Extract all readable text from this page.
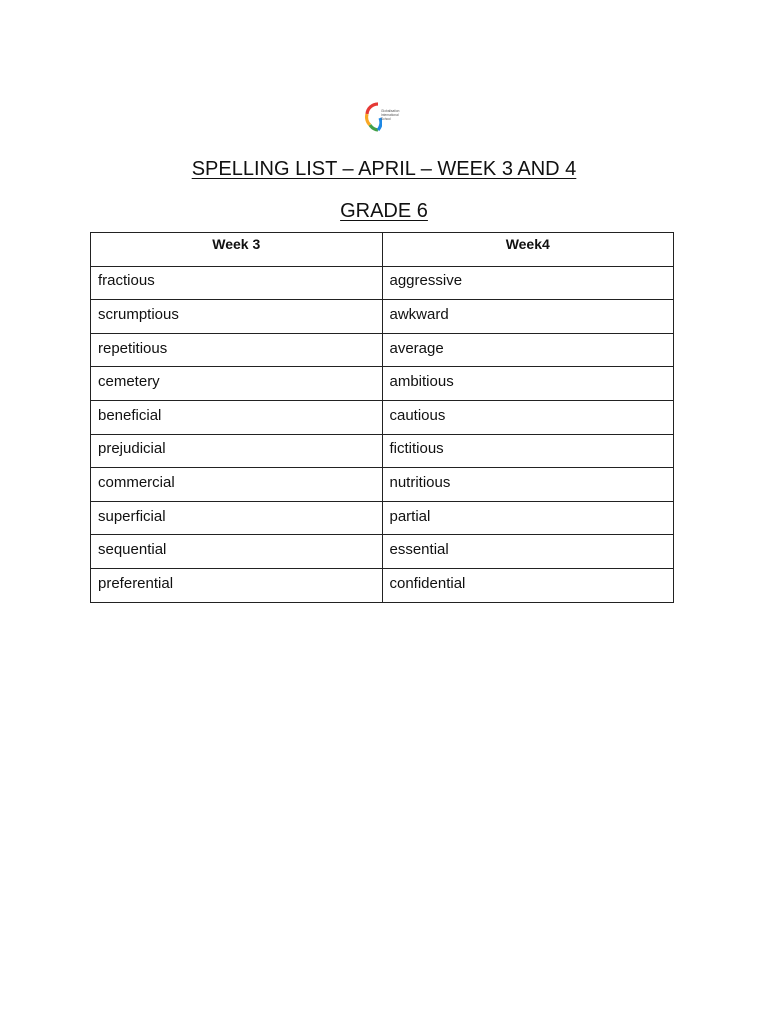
Globalisation
International
School
SPELLING LIST – APRIL – WEEK 3 AND 4
GRADE 6
Week 3	Week4
fractious	aggressive
scrumptious	awkward
repetitious	average
cemetery	ambitious
beneficial	cautious
prejudicial	fictitious
commercial	nutritious
superficial	partial
sequential	essential
preferential	confidential
